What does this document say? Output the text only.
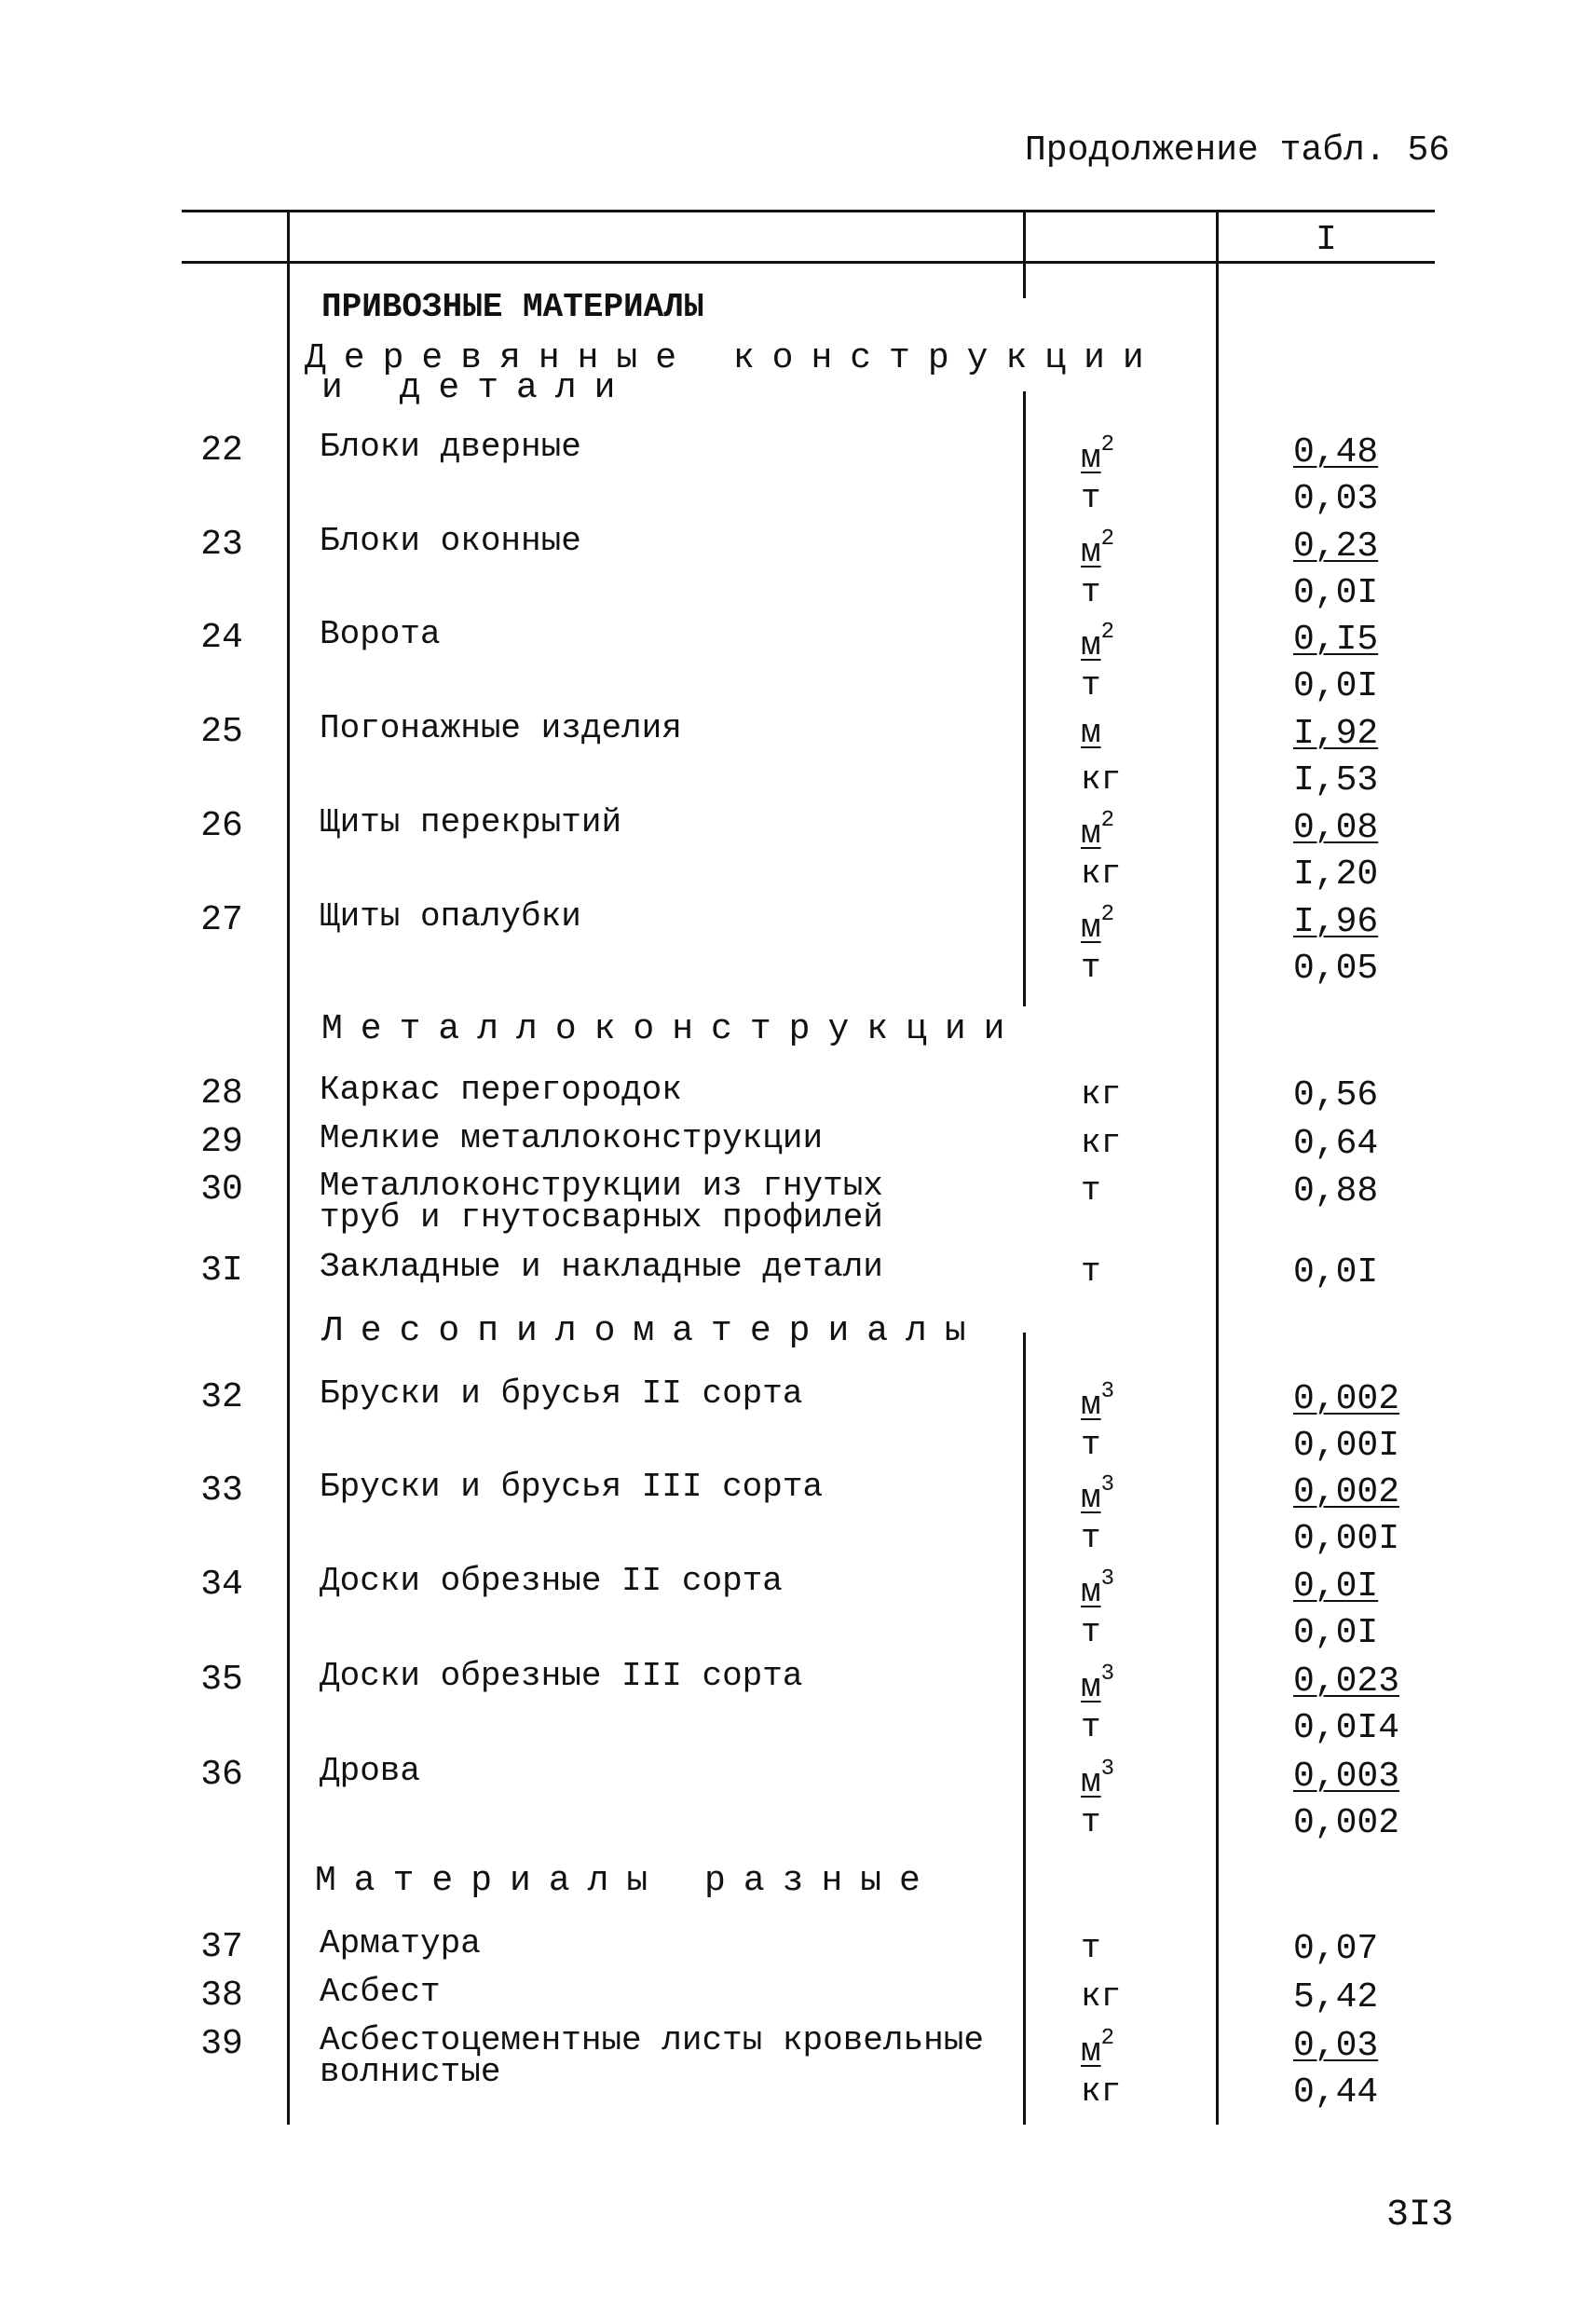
Продолжение табл. 56
I
ПРИВОЗНЫЕ МАТЕРИАЛЫ
Деревянные конструкции
и детали
Металлоконструкции
Лесопиломатериалы
Материалы разные
22	Блоки дверные	$м^2$	0,48
т	0,03
23	Блоки оконные	$м^2$	0,23
т	0,0I
24	Ворота	$м^2$	0,I5
т	0,0I
25	Погонажные изделия	м	I,92
кг	I,53
26	Щиты перекрытий	$м^2$	0,08
кг	I,20
27	Щиты опалубки	$м^2$	I,96
т	0,05
28	Каркас перегородок	кг	0,56
29	Мелкие металлоконструкции	кг	0,64
30	Металлоконструкции из гнутых
труб и гнутосварных профилей
т	0,88
3I	Закладные и накладные детали	т	0,0I
32	Бруски и брусья II сорта	$м^3$	0,002
т	0,00I
33	Бруски и брусья III сорта	$м^3$	0,002
т	0,00I
34	Доски обрезные II сорта	$м^3$	0,0I
т	0,0I
35	Доски обрезные III сорта	$м^3$	0,023
т	0,0I4
36	Дрова	$м^3$	0,003
т	0,002
37	Арматура	т	0,07
38	Асбест	кг	5,42
39	Асбестоцементные листы кровельные
волнистые
$м^2$	0,03
кг	0,44
3I3
